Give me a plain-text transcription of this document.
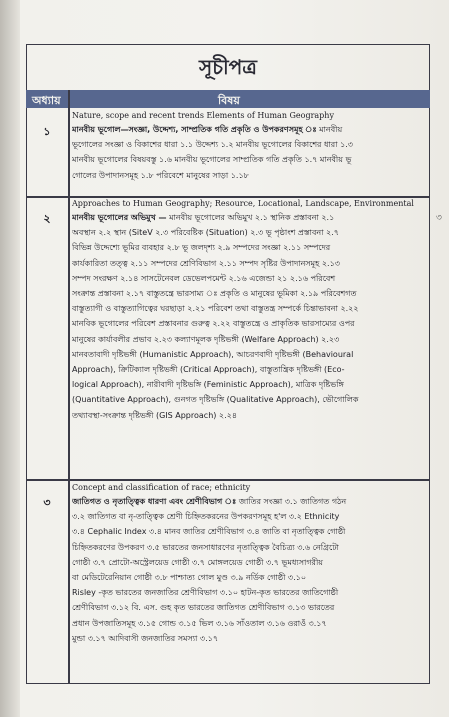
সূচীপত্র
অধ্যায়	বিষয়
১
Nature, scope and recent trends Elements of Human Geography
মানবীয় ভূগোল—সংজ্ঞা, উদ্দেশ্য, সাম্প্রতিক গতি প্রকৃতি ও উপকরণসমূহ ঃ মানবীয়
ভূগোলের সংজ্ঞা ও বিকাশের ধারা ১.১ উদ্দেশ্য ১.২ মানবীয় ভূগোলের বিকাশের ধারা ১.৩
মানবীয় ভূগোলের বিষয়বস্তু ১.৬ মানবীয় ভূগোলের সাম্প্রতিক গতি প্রকৃতি ১.৭ মানবীয় ভূ
গোলের উপাদানসমূহ ১.৮ পরিবেশে মানুষের সাড়া ১.১৮
২
Approaches to Human Geography; Resource, Locational, Landscape, Environmental
মানবীয় ভূগোলের অভিমুখ — মানবীয় ভূগোলের অভিমুখ ২.১ স্থানিক প্রস্তাবনা ২.১
অবস্থান ২.২ স্থান (SiteV ২.৩ পরিবেষ্টিক (Situation) ২.৩ ভূ পৃষ্ঠাংশ প্রস্তাবনা ২.৭
বিভিন্ন উদ্দেশ্যে ভূমির ব্যবহার ২.৮ ভূ জলদৃশ্য ২.৯ সম্পদের সংজ্ঞা ২.১১ সম্পদের
কার্যকারিতা তত্ত্ব ২.১১ সম্পদের শ্রেণিবিভাগ ২.১১ সম্পদ সৃষ্টির উপাদানসমূহ ২.১৩
সম্পদ সংরক্ষণ ২.১৪ সাসটেনেবল ডেভেলপমেন্ট ২.১৬ এজেন্ডা ২১ ২.১৬ পরিবেশ
সংক্রান্ত প্রস্তাবনা ২.১৭ বাস্তুতন্ত্রে ভারসাম্য ঃ প্রকৃতি ও মানুষের ভূমিকা ২.১৯ পরিবেশগত
বাস্তুত্যাগী ও বাস্তুত্যাগিত্বের ঘরছাড়া ২.২১ পরিবেশ তথা বাস্তুতন্ত্র সম্পর্কে চিন্তাভাবনা ২.২২
মানবিক ভূগোলের পরিবেশ প্রস্তাবনার গুরুত্ব ২.২২ বাস্তুতন্ত্রে ও প্রাকৃতিক ভারসাম্যের ওপর
মানুষের কার্যাবলীর প্রভাব ২.২৩ কল্যাণমূলক দৃষ্টিভঙ্গী (Welfare Approach) ২.২৩
মানবতাবাদী দৃষ্টিভঙ্গী (Humanistic Approach), আচরণবাদী দৃষ্টিভঙ্গী (Behavioural
Approach), ক্রিটিক্যাল দৃষ্টিভঙ্গী (Critical Approach), বাস্তুতান্ত্রিক দৃষ্টিভঙ্গী (Eco-
logical Approach), নারীবাদী দৃষ্টিভঙ্গি (Feministic Approach), মাত্রিক দৃষ্টিভঙ্গি
(Quantitative Approach), গুনগত দৃষ্টিভঙ্গি (Qualitative Approach), ভৌগোলিক
তথ্যাবস্থা-সংক্রান্ত দৃষ্টিভঙ্গী (GIS Approach) ২.২৪
৩
Concept and classification of race; ethnicity
জাতিগত ও নৃতাত্ত্বিক ধারণা এবং শ্রেণীবিভাগ ঃ জাতির সংজ্ঞা ৩.১ জাতিগত গঠন
৩.২ জাতিগত বা নৃ-তাত্ত্বিক শ্রেণী চিহ্নিতকরনের উপকরণসমূহ হ'ল ৩.২ Ethnicity
৩.৪ Cephalic Index ৩.৪ মানব জাতির শ্রেণীবিভাগ ৩.৪ জাতি বা নৃতাত্ত্বিক গোষ্ঠী
চিহ্নিতকরণের উপকরণ ৩.৫ ভারতের জনসাধারণের নৃতাত্ত্বিক বৈচিত্র্য ৩.৬ নেগ্রিটো
গোষ্ঠী ৩.৭ প্রোটো-অস্ট্রেলয়েড গোষ্ঠী ৩.৭ মোঙ্গলয়েড গোষ্ঠী ৩.৭ ভূমধ্যসাগরীয়
বা মেডিটেরেনিয়ান গোষ্ঠী ৩.৮ পাশ্চাত্য গোল মুণ্ড ৩.৯ নর্ডিক গোষ্ঠী ৩.১০
Risley -কৃত ভারতের জনজাতির শ্রেণীবিভাগ ৩.১০ হাটন-কৃত ভারতের জাতিগোষ্ঠী
শ্রেণীবিভাগ ৩.১২ বি. এস. গুহ কৃত ভারতের জাতিগত শ্রেণীবিভাগ ৩.১৩ ভারতের
প্রধান উপজাতিসমূহ ৩.১৫ গোন্ড ৩.১৫ ভিল ৩.১৬ সাঁওতাল ৩.১৬ ওরাওঁ ৩.১৭
মুন্ডা ৩.১৭ আদিবাসী জনজাতির সমস্যা ৩.১৭
৩
